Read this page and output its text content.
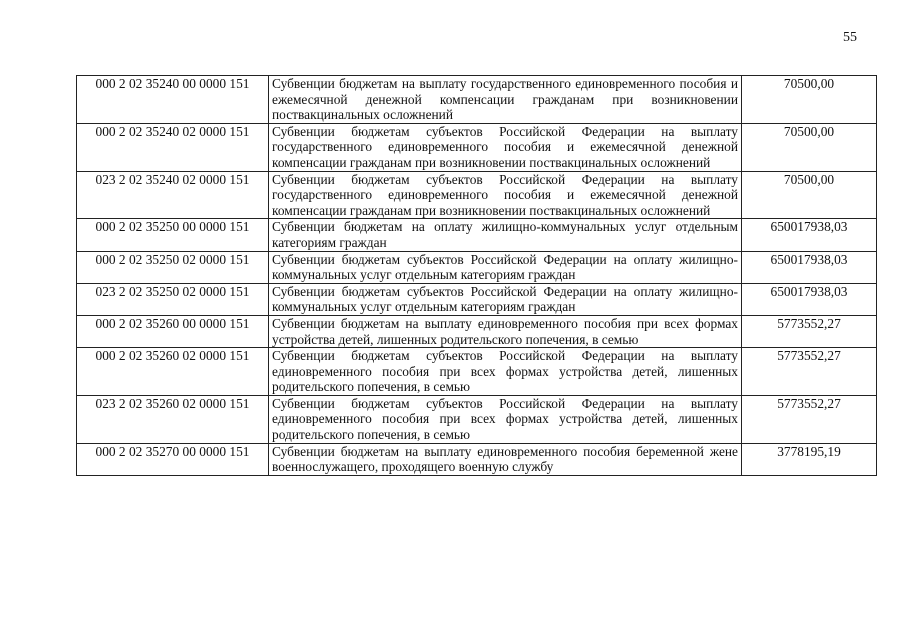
55
000 2 02 35240 00 0000 151	Субвенции бюджетам на выплату государственного единовременного пособия и ежемесячной денежной компенсации гражданам при возникновении поствакцинальных осложнений	70500,00
000 2 02 35240 02 0000 151	Субвенции бюджетам субъектов Российской Федерации на выплату государственного единовременного пособия и ежемесячной денежной компенсации гражданам при возникновении поствакцинальных осложнений	70500,00
023 2 02 35240 02 0000 151	Субвенции бюджетам субъектов Российской Федерации на выплату государственного единовременного пособия и ежемесячной денежной компенсации гражданам при возникновении поствакцинальных осложнений	70500,00
000 2 02 35250 00 0000 151	Субвенции бюджетам на оплату жилищно-коммунальных услуг отдельным категориям граждан	650017938,03
000 2 02 35250 02 0000 151	Субвенции бюджетам субъектов Российской Федерации на оплату жилищно-коммунальных услуг отдельным категориям граждан	650017938,03
023 2 02 35250 02 0000 151	Субвенции бюджетам субъектов Российской Федерации на оплату жилищно-коммунальных услуг отдельным категориям граждан	650017938,03
000 2 02 35260 00 0000 151	Субвенции бюджетам на выплату единовременного пособия при всех формах устройства детей, лишенных родительского попечения, в семью	5773552,27
000 2 02 35260 02 0000 151	Субвенции бюджетам субъектов Российской Федерации на выплату единовременного пособия при всех формах устройства детей, лишенных родительского попечения, в семью	5773552,27
023 2 02 35260 02 0000 151	Субвенции бюджетам субъектов Российской Федерации на выплату единовременного пособия при всех формах устройства детей, лишенных родительского попечения, в семью	5773552,27
000 2 02 35270 00 0000 151	Субвенции бюджетам на выплату единовременного пособия беременной жене военнослужащего, проходящего военную службу	3778195,19
